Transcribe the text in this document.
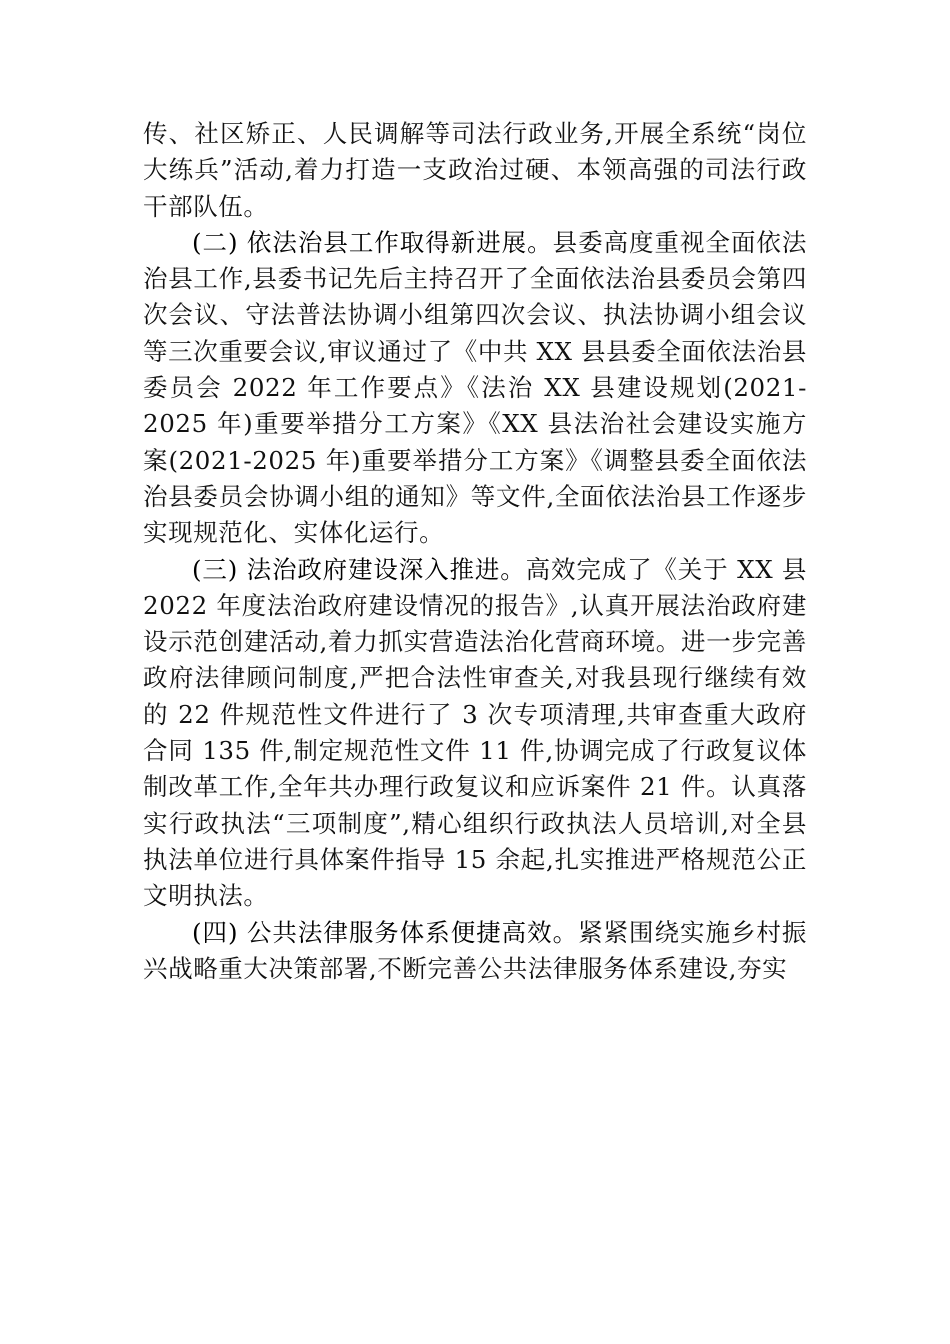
传、社区矫正、人民调解等司法行政业务,开展全系统“岗位大练兵”活动,着力打造一支政治过硬、本领高强的司法行政干部队伍。

(二) 依法治县工作取得新进展。县委高度重视全面依法治县工作,县委书记先后主持召开了全面依法治县委员会第四次会议、守法普法协调小组第四次会议、执法协调小组会议等三次重要会议,审议通过了《中共 XX 县县委全面依法治县委员会 2022 年工作要点》《法治 XX 县建设规划(2021-2025 年)重要举措分工方案》《XX 县法治社会建设实施方案(2021-2025 年)重要举措分工方案》《调整县委全面依法治县委员会协调小组的通知》等文件,全面依法治县工作逐步实现规范化、实体化运行。

(三) 法治政府建设深入推进。高效完成了《关于 XX 县 2022 年度法治政府建设情况的报告》,认真开展法治政府建设示范创建活动,着力抓实营造法治化营商环境。进一步完善政府法律顾问制度,严把合法性审查关,对我县现行继续有效的 22 件规范性文件进行了 3 次专项清理,共审查重大政府合同 135 件,制定规范性文件 11 件,协调完成了行政复议体制改革工作,全年共办理行政复议和应诉案件 21 件。认真落实行政执法“三项制度”,精心组织行政执法人员培训,对全县执法单位进行具体案件指导 15 余起,扎实推进严格规范公正文明执法。

(四) 公共法律服务体系便捷高效。紧紧围绕实施乡村振兴战略重大决策部署,不断完善公共法律服务体系建设,夯实
